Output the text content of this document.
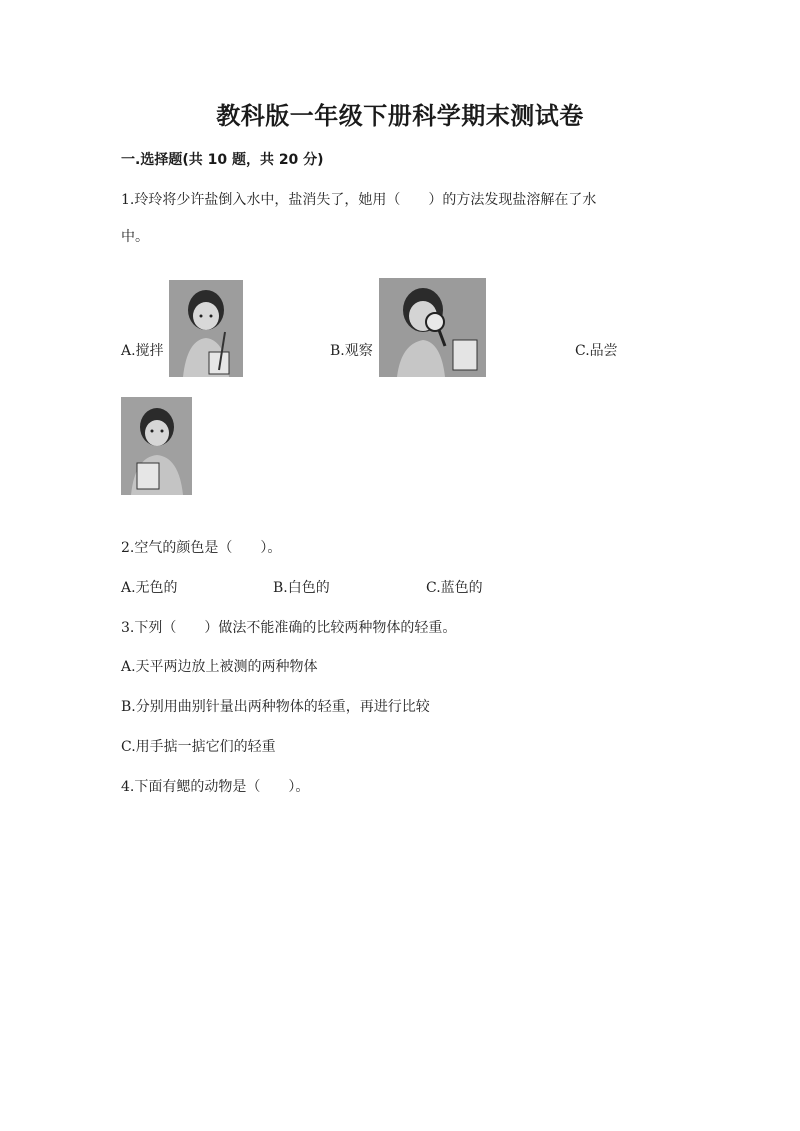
教科版一年级下册科学期末测试卷
一.选择题(共 10 题，共 20 分)
1.玲玲将少许盐倒入水中，盐消失了，她用（　　）的方法发现盐溶解在了水
中。
A.搅拌	B.观察	C.品尝
2.空气的颜色是（　　）。
A.无色的	B.白色的	C.蓝色的
3.下列（　　）做法不能准确的比较两种物体的轻重。
A.天平两边放上被测的两种物体
B.分别用曲别针量出两种物体的轻重，再进行比较
C.用手掂一掂它们的轻重
4.下面有鳃的动物是（　　）。
